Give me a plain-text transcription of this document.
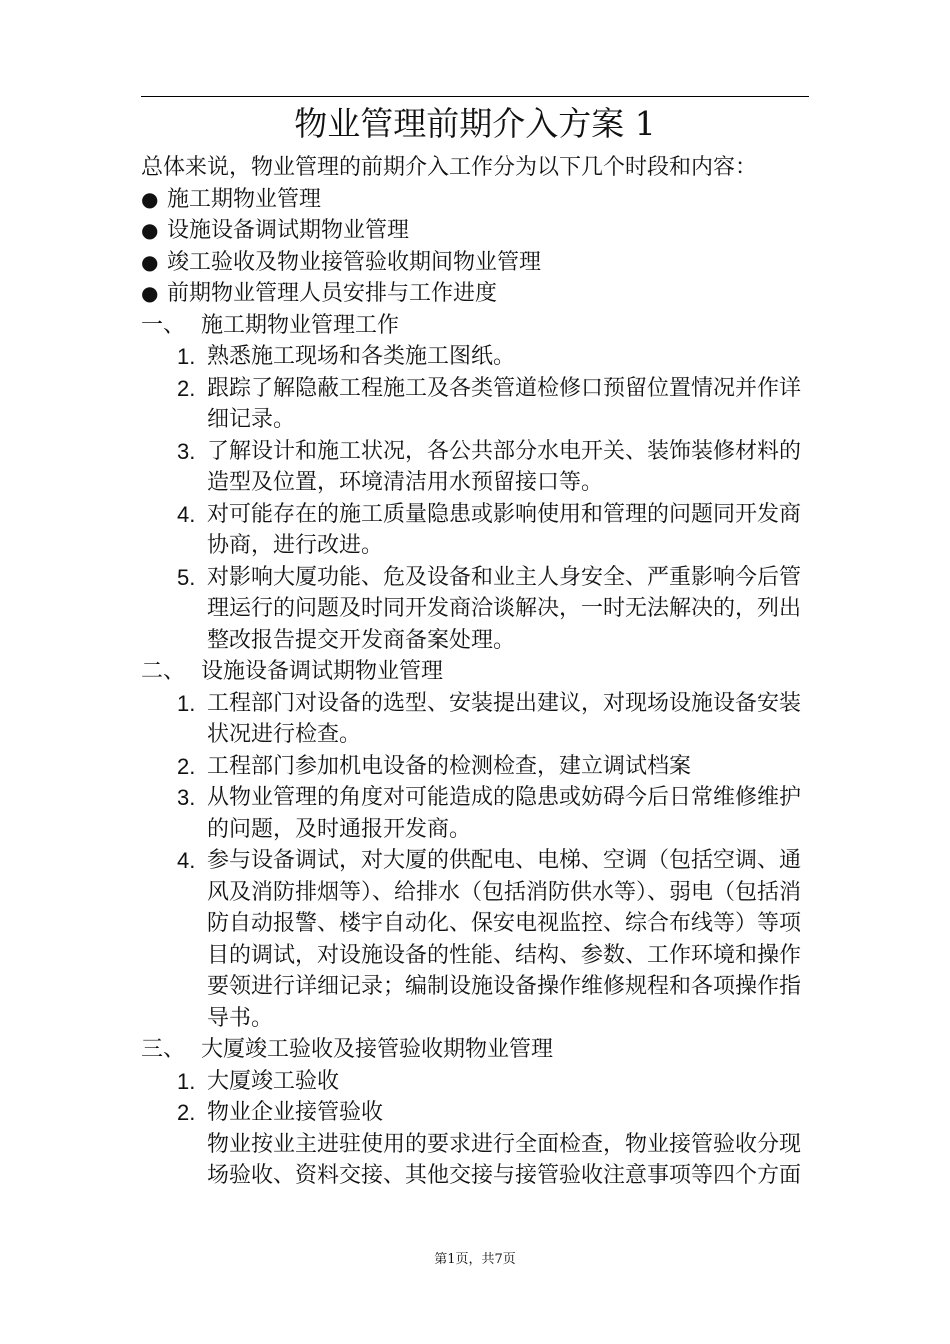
物业管理前期介入方案 1

总体来说，物业管理的前期介入工作分为以下几个时段和内容：

● 施工期物业管理
● 设施设备调试期物业管理
● 竣工验收及物业接管验收期间物业管理
● 前期物业管理人员安排与工作进度
一、 施工期物业管理工作
1. 熟悉施工现场和各类施工图纸。
2. 跟踪了解隐蔽工程施工及各类管道检修口预留位置情况并作详细记录。
3. 了解设计和施工状况，各公共部分水电开关、装饰装修材料的造型及位置，环境清洁用水预留接口等。
4. 对可能存在的施工质量隐患或影响使用和管理的问题同开发商协商，进行改进。
5. 对影响大厦功能、危及设备和业主人身安全、严重影响今后管理运行的问题及时同开发商洽谈解决，一时无法解决的，列出整改报告提交开发商备案处理。
二、 设施设备调试期物业管理
1. 工程部门对设备的选型、安装提出建议，对现场设施设备安装状况进行检查。
2. 工程部门参加机电设备的检测检查，建立调试档案
3. 从物业管理的角度对可能造成的隐患或妨碍今后日常维修维护的问题，及时通报开发商。
4. 参与设备调试，对大厦的供配电、电梯、空调（包括空调、通风及消防排烟等）、给排水（包括消防供水等）、弱电（包括消防自动报警、楼宇自动化、保安电视监控、综合布线等）等项目的调试，对设施设备的性能、结构、参数、工作环境和操作要领进行详细记录；编制设施设备操作维修规程和各项操作指导书。
三、 大厦竣工验收及接管验收期物业管理
1. 大厦竣工验收
2. 物业企业接管验收

物业按业主进驻使用的要求进行全面检查，物业接管验收分现场验收、资料交接、其他交接与接管验收注意事项等四个方面

第1页，共7页
